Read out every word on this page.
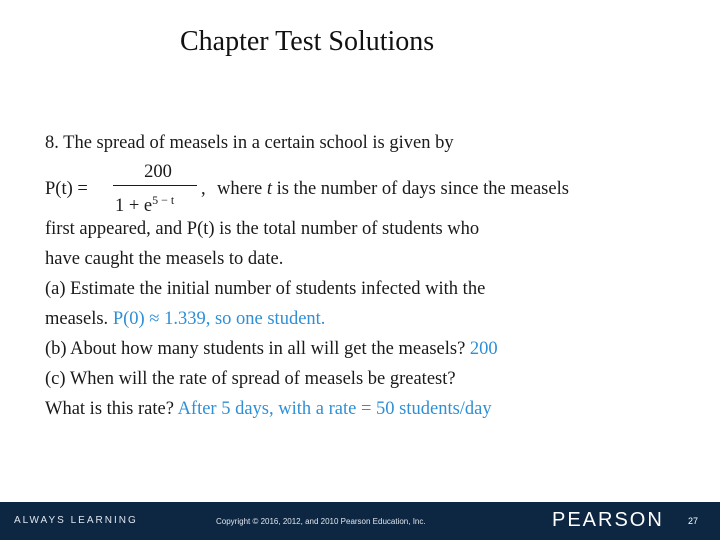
Chapter Test Solutions
8. The spread of measels in a certain school is given by
P(t) =
200
$1 + e^{5 - t}$
, where t is the number of days since the measels
first appeared, and P(t) is the total number of students who
have caught the measels to date.
(a) Estimate the initial number of students infected with the
measels. P(0) ≈ 1.339, so one student.
(b) About how many students in all will get the measels? 200
(c) When will the rate of spread of measels be greatest?
What is this rate? After 5 days, with a rate = 50 students/day
ALWAYS LEARNING	Copyright © 2016, 2012, and 2010 Pearson Education, Inc.	PEARSON	27
